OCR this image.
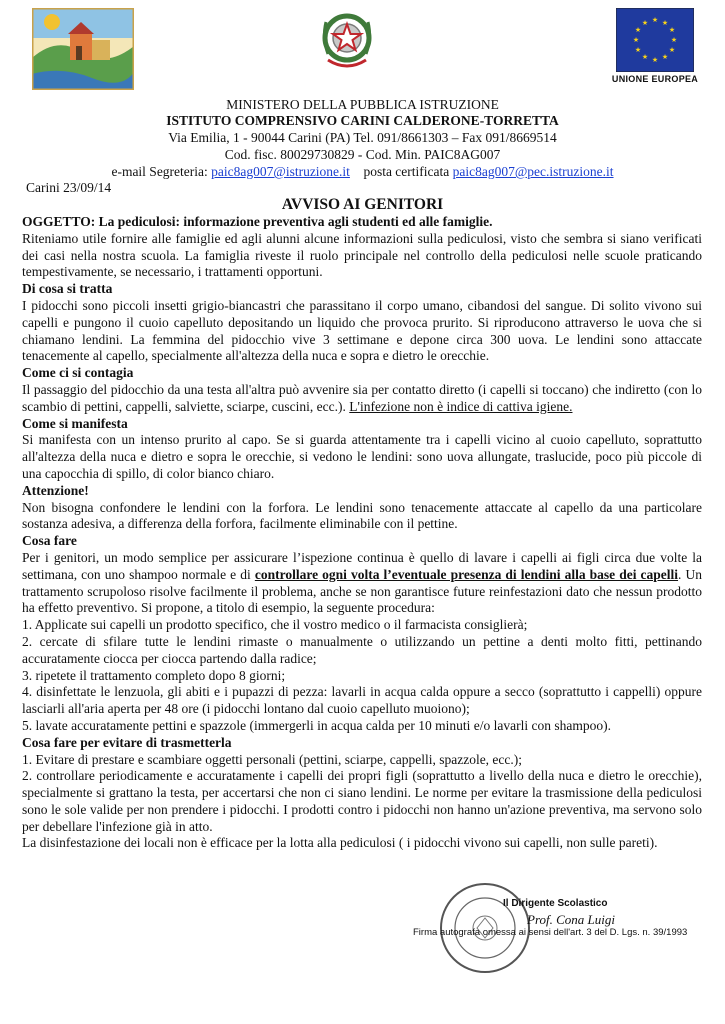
★ ★
★
★
★
★
★
★
★
★
★
★
UNIONE EUROPEA
MINISTERO DELLA PUBBLICA ISTRUZIONE
ISTITUTO COMPRENSIVO CARINI CALDERONE-TORRETTA
Via Emilia, 1 - 90044 Carini (PA) Tel. 091/8661303 – Fax 091/8669514
Cod. fisc. 80029730829 - Cod. Min. PAIC8AG007
e-mail Segreteria: paic8ag007@istruzione.it posta certificata paic8ag007@pec.istruzione.it
Carini 23/09/14
AVVISO AI GENITORI

OGGETTO: La pediculosi: informazione preventiva agli studenti ed alle famiglie.

Riteniamo utile fornire alle famiglie ed agli alunni alcune informazioni sulla pediculosi, visto che sembra si siano verificati dei casi nella nostra scuola. La famiglia riveste il ruolo principale nel controllo della pediculosi nelle scuole praticando tempestivamente, se necessario, i trattamenti opportuni.

Di cosa si tratta

I pidocchi sono piccoli insetti grigio-biancastri che parassitano il corpo umano, cibandosi del sangue. Di solito vivono sui capelli e pungono il cuoio capelluto depositando un liquido che provoca prurito. Si riproducono attraverso le uova che si chiamano lendini. La femmina del pidocchio vive 3 settimane e depone circa 300 uova. Le lendini sono attaccate tenacemente al capello, specialmente all'altezza della nuca e sopra e dietro le orecchie.

Come ci si contagia

Il passaggio del pidocchio da una testa all'altra può avvenire sia per contatto diretto (i capelli si toccano) che indiretto (con lo scambio di pettini, cappelli, salviette, sciarpe, cuscini, ecc.). L'infezione non è indice di cattiva igiene.

Come si manifesta

Si manifesta con un intenso prurito al capo. Se si guarda attentamente tra i capelli vicino al cuoio capelluto, soprattutto all'altezza della nuca e dietro e sopra le orecchie, si vedono le lendini: sono uova allungate, traslucide, poco più piccole di una capocchia di spillo, di color bianco chiaro.

Attenzione!

Non bisogna confondere le lendini con la forfora. Le lendini sono tenacemente attaccate al capello da una particolare sostanza adesiva, a differenza della forfora, facilmente eliminabile con il pettine.

Cosa fare

Per i genitori, un modo semplice per assicurare l’ispezione continua è quello di lavare i capelli ai figli circa due volte la settimana, con uno shampoo normale e di controllare ogni volta l’eventuale presenza di lendini alla base dei capelli. Un trattamento scrupoloso risolve facilmente il problema, anche se non garantisce future reinfestazioni dato che nessun prodotto ha effetto preventivo. Si propone, a titolo di esempio, la seguente procedura:

1. Applicate sui capelli un prodotto specifico, che il vostro medico o il farmacista consiglierà;

2. cercate di sfilare tutte le lendini rimaste o manualmente o utilizzando un pettine a denti molto fitti, pettinando accuratamente ciocca per ciocca partendo dalla radice;

3. ripetete il trattamento completo dopo 8 giorni;

4. disinfettate le lenzuola, gli abiti e i pupazzi di pezza: lavarli in acqua calda oppure a secco (soprattutto i cappelli) oppure lasciarli all'aria aperta per 48 ore (i pidocchi lontano dal cuoio capelluto muoiono);

5. lavate accuratamente pettini e spazzole (immergerli in acqua calda per 10 minuti e/o lavarli con shampoo).

Cosa fare per evitare di trasmetterla

1. Evitare di prestare e scambiare oggetti personali (pettini, sciarpe, cappelli, spazzole, ecc.);

2. controllare periodicamente e accuratamente i capelli dei propri figli (soprattutto a livello della nuca e dietro le orecchie), specialmente si grattano la testa, per accertarsi che non ci siano lendini. Le norme per evitare la trasmissione della pediculosi sono le sole valide per non prendere i pidocchi. I prodotti contro i pidocchi non hanno un'azione preventiva, ma servono solo per debellare l'infezione già in atto.

La disinfestazione dei locali non è efficace per la lotta alla pediculosi ( i pidocchi vivono sui capelli, non sulle pareti).

Il Dirigente Scolastico
Prof. Cona Luigi
Firma autografa omessa ai sensi dell'art. 3 del D. Lgs. n. 39/1993
